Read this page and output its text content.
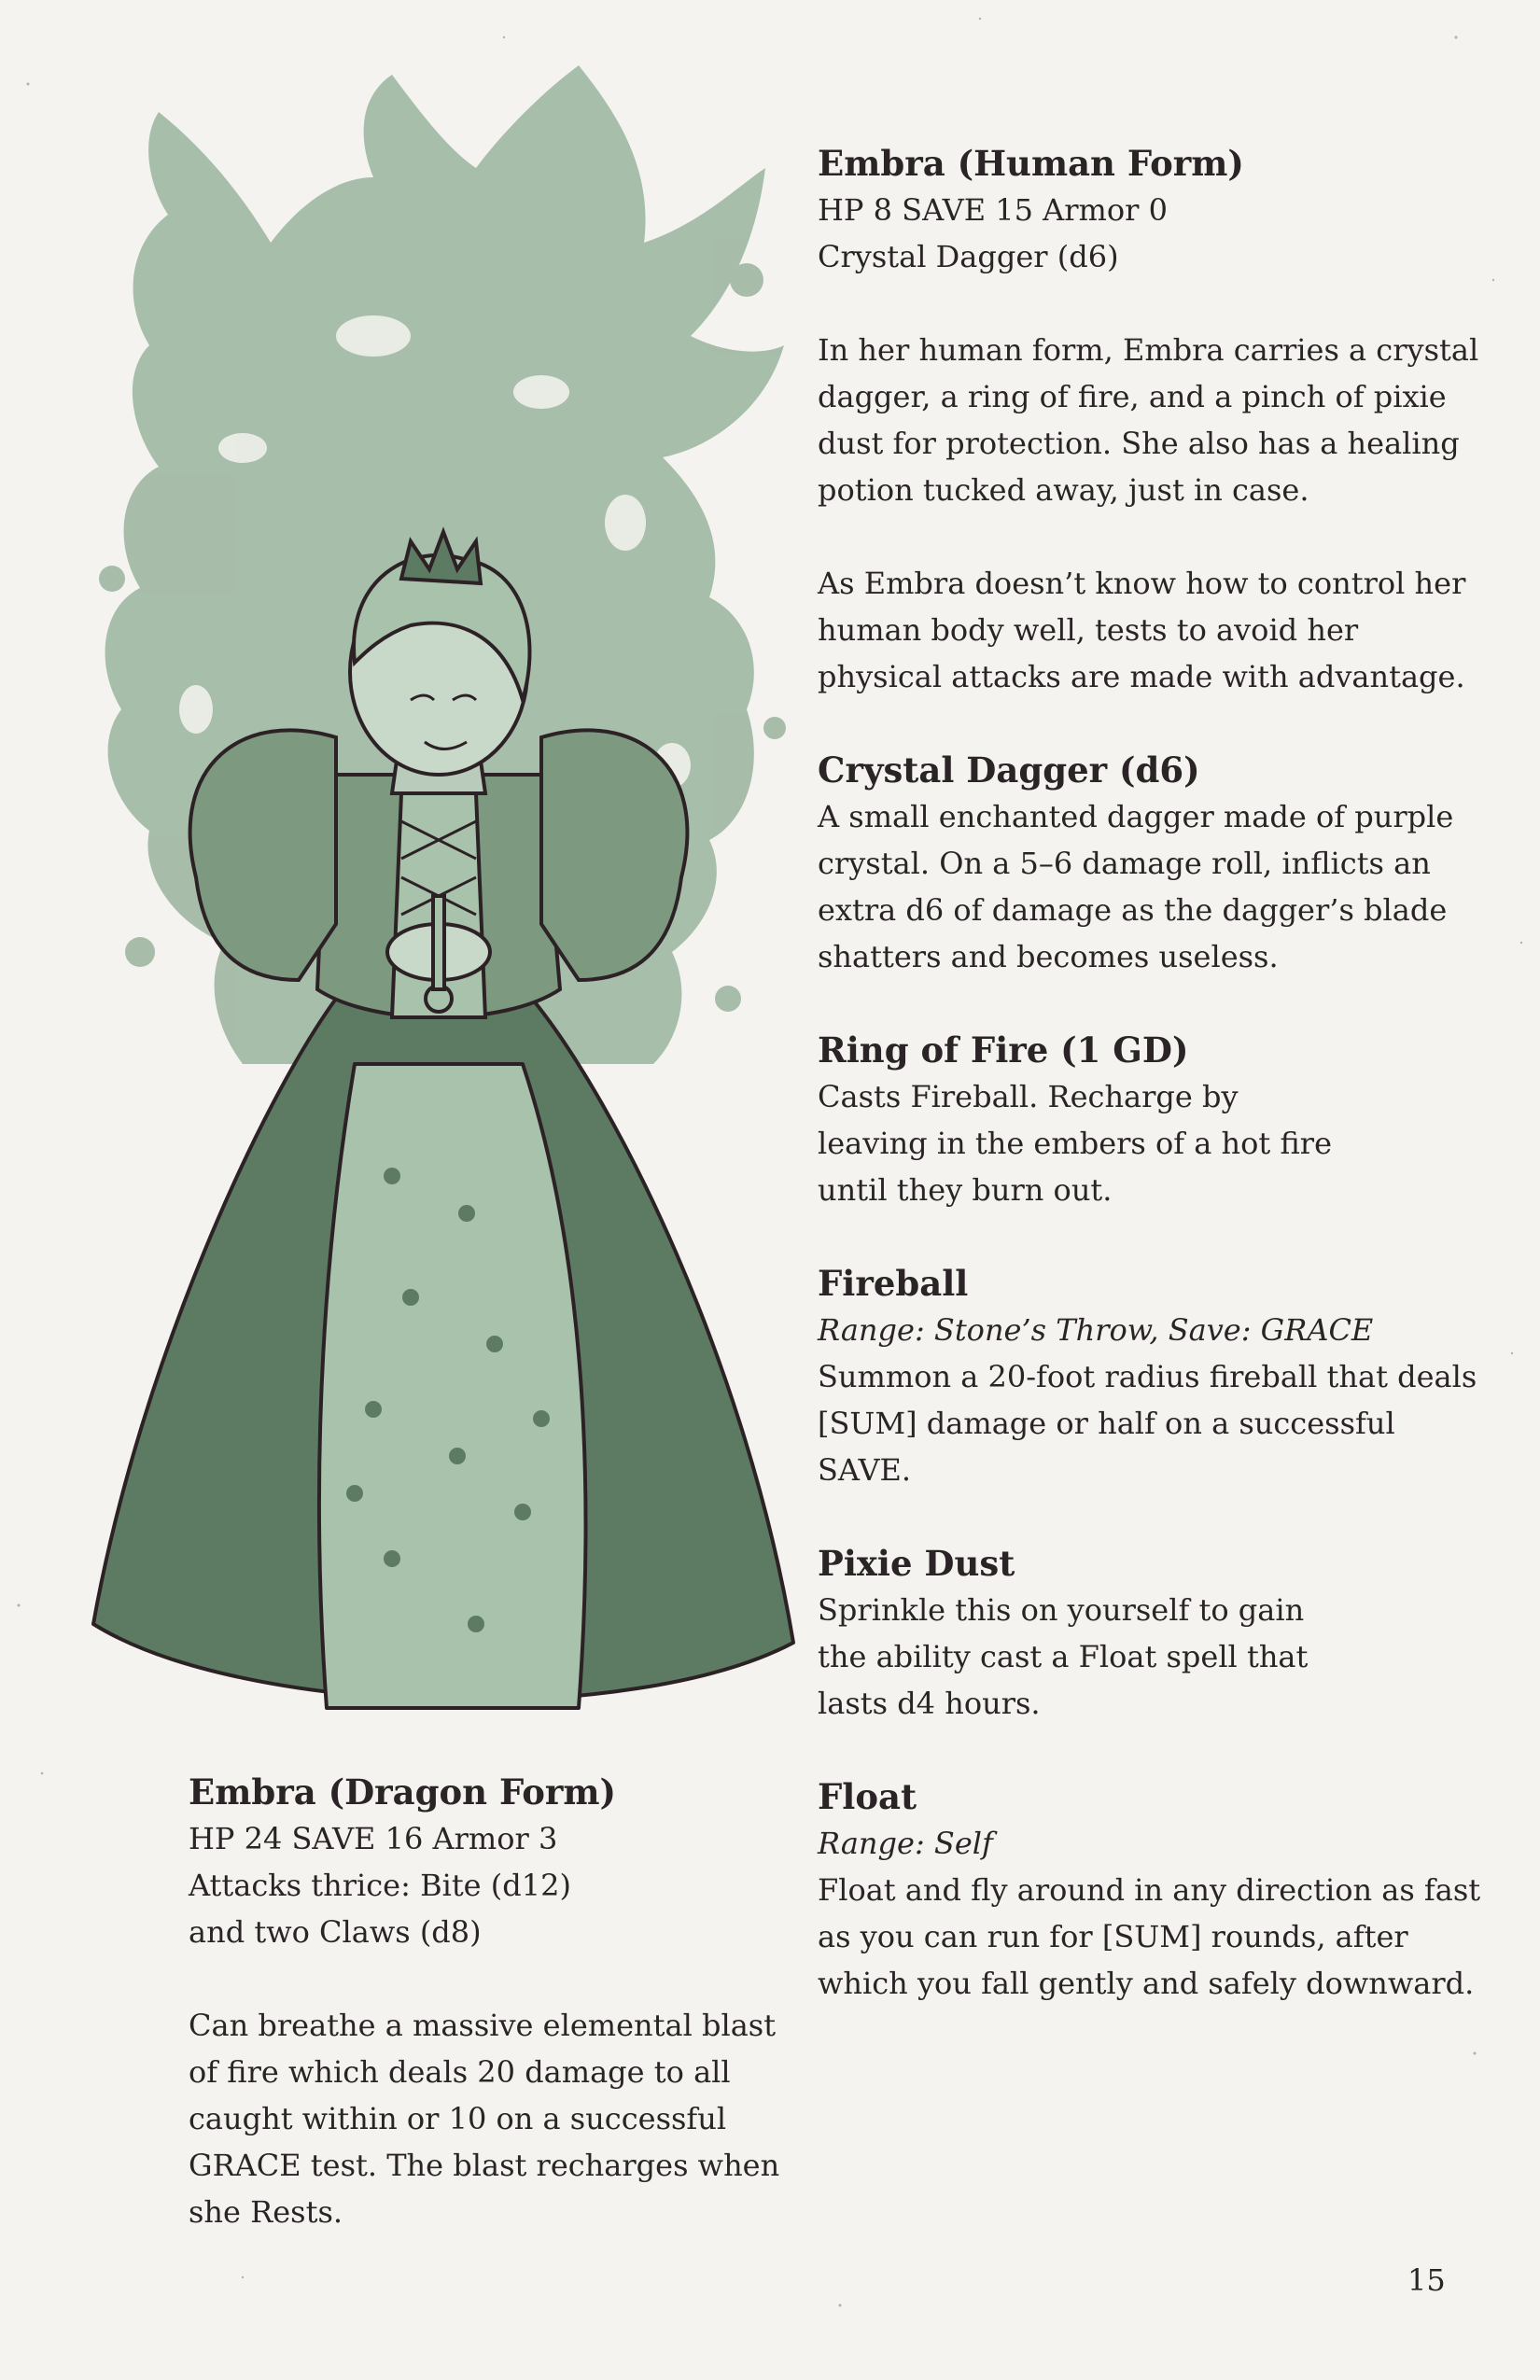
Embra (Human Form)

HP 8 SAVE 15 Armor 0

Crystal Dagger (d6)

In her human form, Embra carries a crystal dagger, a ring of fire, and a pinch of pixie dust for protection. She also has a healing potion tucked away, just in case.

As Embra doesn’t know how to control her human body well, tests to avoid her physical attacks are made with advantage.

Crystal Dagger (d6)

A small enchanted dagger made of purple crystal. On a 5–6 damage roll, inflicts an extra d6 of damage as the dagger’s blade shatters and becomes useless.

Ring of Fire (1 GD)

Casts Fireball. Recharge by leaving in the embers of a hot fire until they burn out.

Fireball

Range: Stone’s Throw, Save: GRACE

Summon a 20-foot radius fireball that deals [SUM] damage or half on a successful SAVE.

Pixie Dust

Sprinkle this on yourself to gain the ability cast a Float spell that lasts d4 hours.

Float

Range: Self

Float and fly around in any direction as fast as you can run for [SUM] rounds, after which you fall gently and safely downward.

Embra (Dragon Form)

HP 24 SAVE 16 Armor 3

Attacks thrice: Bite (d12) and two Claws (d8)

Can breathe a massive elemental blast of fire which deals 20 damage to all caught within or 10 on a successful GRACE test. The blast recharges when she Rests.

15
